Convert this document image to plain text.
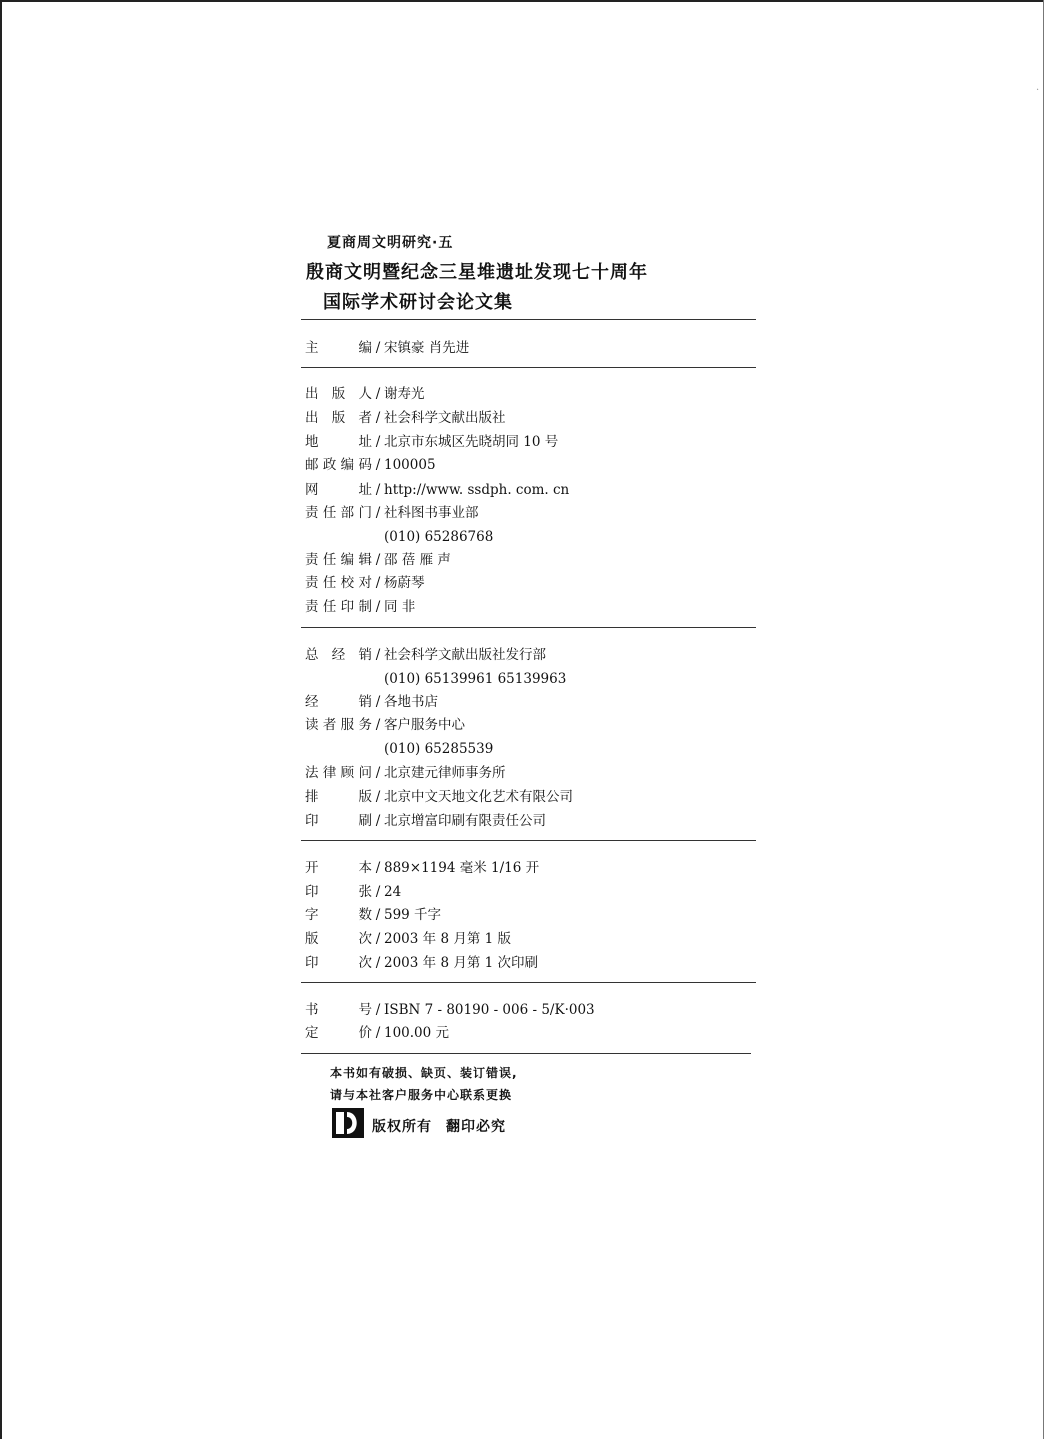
夏商周文明研究·五
殷商文明暨纪念三星堆遗址发现七十周年
国际学术研讨会论文集
主编 / 宋镇豪 肖先进
出版人 / 谢寿光
出版者 / 社会科学文献出版社
地址 / 北京市东城区先晓胡同 10 号
邮政编码 / 100005
网址 / http://www. ssdph. com. cn
责任部门 / 社科图书事业部
(010) 65286768
责任编辑 / 邵 蓓 雁 声
责任校对 / 杨蔚琴
责任印制 / 同 非
总经销 / 社会科学文献出版社发行部
(010) 65139961 65139963
经销 / 各地书店
读者服务 / 客户服务中心
(010) 65285539
法律顾问 / 北京建元律师事务所
排版 / 北京中文天地文化艺术有限公司
印刷 / 北京增富印刷有限责任公司
开本 / 889×1194 毫米 1/16 开
印张 / 24
字数 / 599 千字
版次 / 2003 年 8 月第 1 版
印次 / 2003 年 8 月第 1 次印刷
书号 / ISBN 7 - 80190 - 006 - 5/K·003
定价 / 100.00 元
本书如有破损、缺页、装订错误,
请与本社客户服务中心联系更换
版权所有 翻印必究
.
